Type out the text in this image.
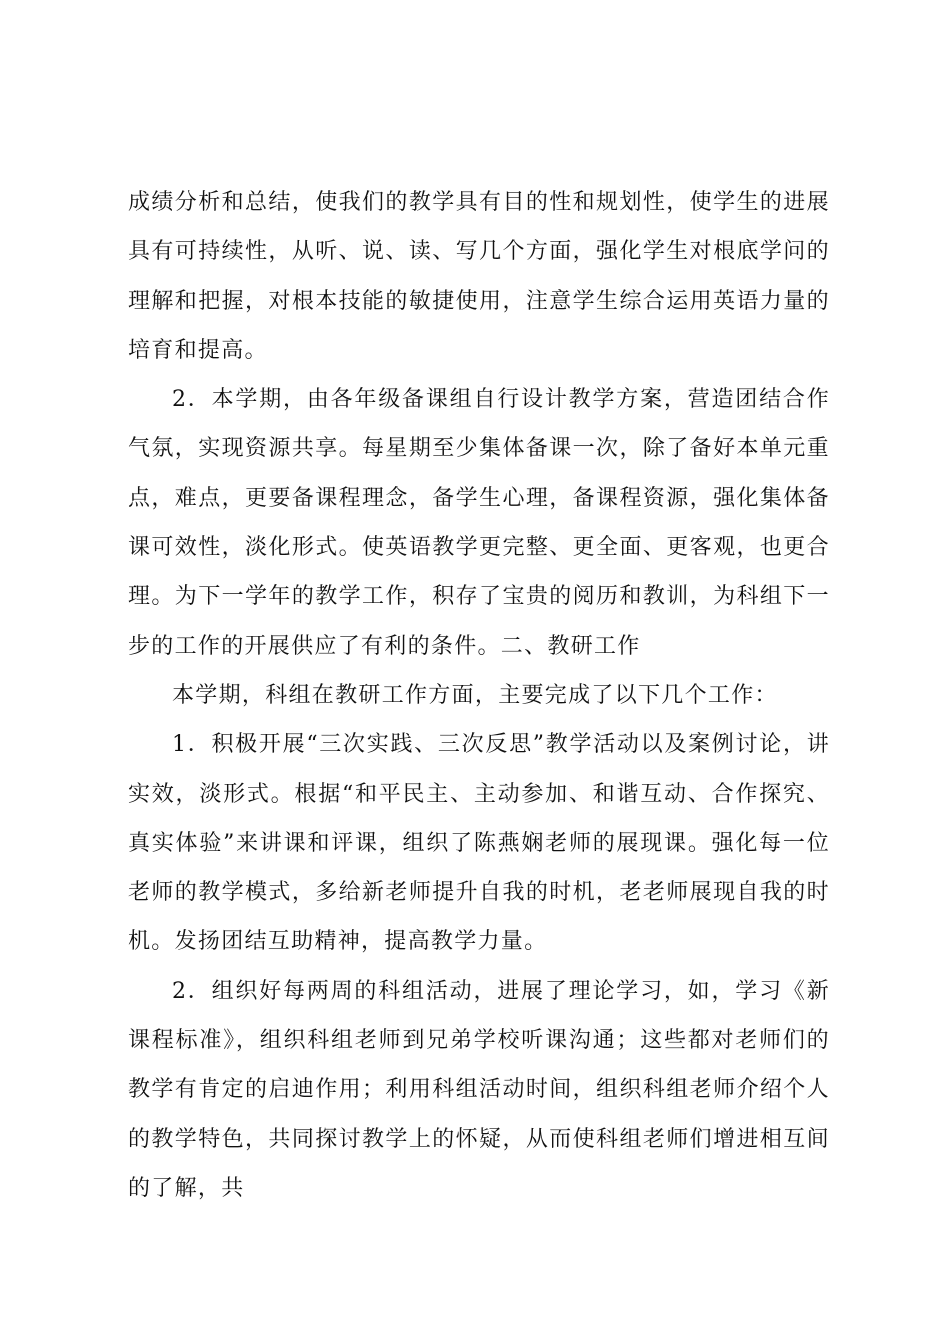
成绩分析和总结，使我们的教学具有目的性和规划性，使学生的进展具有可持续性，从听、说、读、写几个方面，强化学生对根底学问的理解和把握，对根本技能的敏捷使用，注意学生综合运用英语力量的培育和提高。

2．本学期，由各年级备课组自行设计教学方案，营造团结合作气氛，实现资源共享。每星期至少集体备课一次，除了备好本单元重点，难点，更要备课程理念，备学生心理，备课程资源，强化集体备课可效性，淡化形式。使英语教学更完整、更全面、更客观，也更合理。为下一学年的教学工作，积存了宝贵的阅历和教训，为科组下一步的工作的开展供应了有利的条件。二、教研工作

本学期，科组在教研工作方面，主要完成了以下几个工作：

1．积极开展“三次实践、三次反思”教学活动以及案例讨论，讲实效，淡形式。根据“和平民主、主动参加、和谐互动、合作探究、真实体验”来讲课和评课，组织了陈燕娴老师的展现课。强化每一位老师的教学模式，多给新老师提升自我的时机，老老师展现自我的时机。发扬团结互助精神，提高教学力量。

2．组织好每两周的科组活动，进展了理论学习，如，学习《新课程标准》，组织科组老师到兄弟学校听课沟通；这些都对老师们的教学有肯定的启迪作用；利用科组活动时间，组织科组老师介绍个人的教学特色，共同探讨教学上的怀疑，从而使科组老师们增进相互间的了解，共
